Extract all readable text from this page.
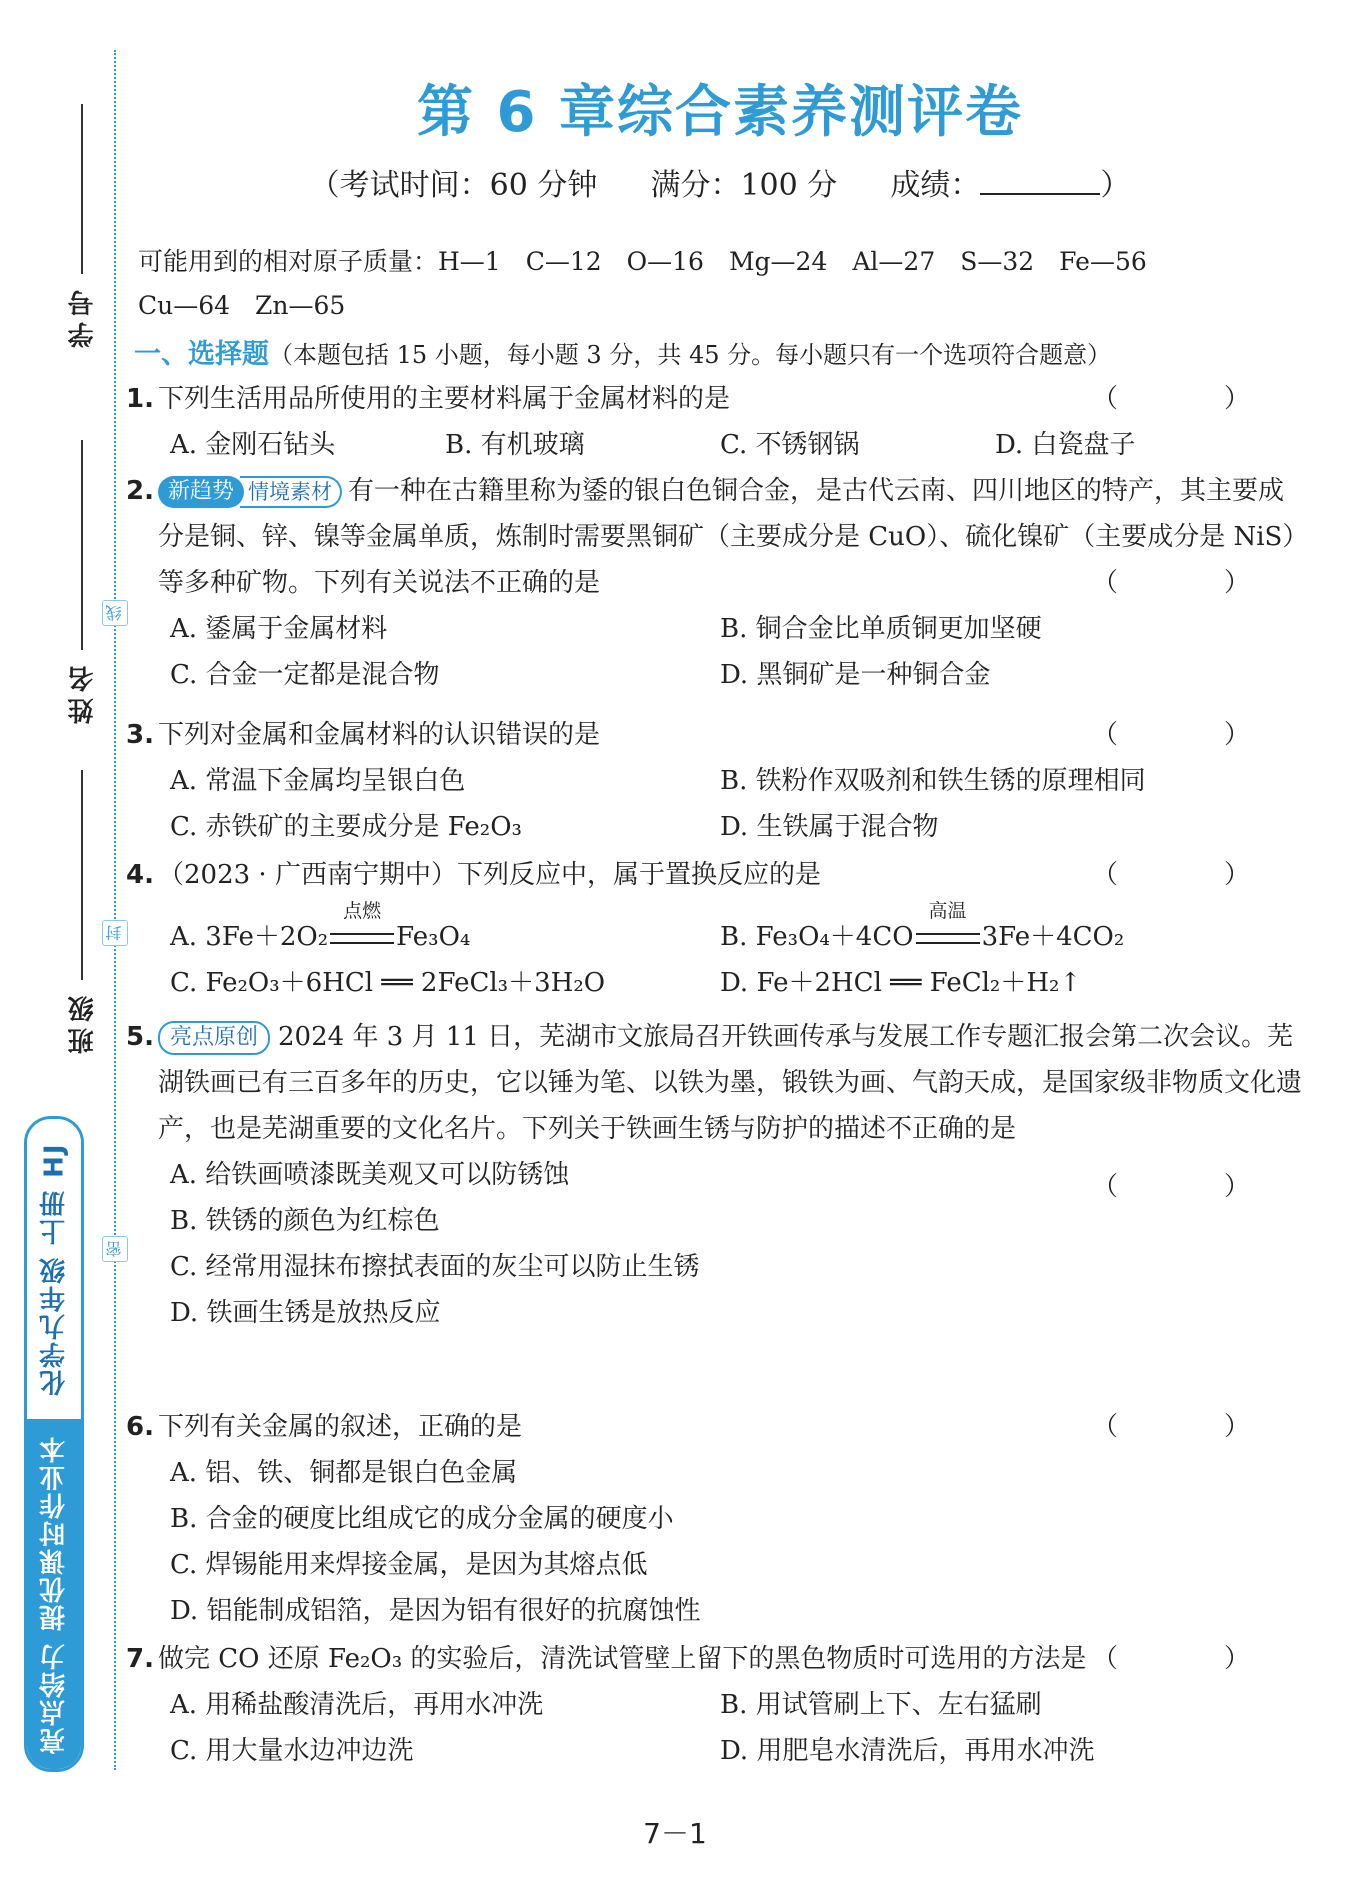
学号
姓名
班级
线
封
密
化学九年级 上册 HJ
亮点给力 提优课时作业本
第 6 章综合素养测评卷
（考试时间：60 分钟 满分：100 分 成绩：	）
可能用到的相对原子质量：H—1　C—12　O—16　Mg—24　Al—27　S—32　Fe—56
Cu—64　Zn—65
一、选择题（本题包括 15 小题，每小题 3 分，共 45 分。每小题只有一个选项符合题意）
1. 下列生活用品所使用的主要材料属于金属材料的是	（　）
A. 金刚石钻头	B. 有机玻璃	C. 不锈钢锅	D. 白瓷盘子
2. 新趋势 情境素材 有一种在古籍里称为鋈的银白色铜合金，是古代云南、四川地区的特产，其主要成分是铜、锌、镍等金属单质，炼制时需要黑铜矿（主要成分是 CuO）、硫化镍矿（主要成分是 NiS）等多种矿物。下列有关说法不正确的是	（　）
A. 鋈属于金属材料	B. 铜合金比单质铜更加坚硬
C. 合金一定都是混合物	D. 黑铜矿是一种铜合金
3. 下列对金属和金属材料的认识错误的是	（　）
A. 常温下金属均呈银白色	B. 铁粉作双吸剂和铁生锈的原理相同
C. 赤铁矿的主要成分是 Fe₂O₃	D. 生铁属于混合物
4. （2023 · 广西南宁期中）下列反应中，属于置换反应的是	（　）
A. 3Fe＋2O₂
点燃
Fe₃O₄	B. Fe₃O₄＋4CO
高温
3Fe＋4CO₂
C. Fe₂O₃＋6HCl ══ 2FeCl₃＋3H₂O	D. Fe＋2HCl ══ FeCl₂＋H₂↑
5. 亮点原创 2024 年 3 月 11 日，芜湖市文旅局召开铁画传承与发展工作专题汇报会第二次会议。芜湖铁画已有三百多年的历史，它以锤为笔、以铁为墨，锻铁为画、气韵天成，是国家级非物质文化遗产，也是芜湖重要的文化名片。下列关于铁画生锈与防护的描述不正确的是
（　）
A. 给铁画喷漆既美观又可以防锈蚀
B. 铁锈的颜色为红棕色
C. 经常用湿抹布擦拭表面的灰尘可以防止生锈
D. 铁画生锈是放热反应
6. 下列有关金属的叙述，正确的是	（　）
A. 铝、铁、铜都是银白色金属
B. 合金的硬度比组成它的成分金属的硬度小
C. 焊锡能用来焊接金属，是因为其熔点低
D. 铝能制成铝箔，是因为铝有很好的抗腐蚀性
7. 做完 CO 还原 Fe₂O₃ 的实验后，清洗试管壁上留下的黑色物质时可选用的方法是 （　）
A. 用稀盐酸清洗后，再用水冲洗	B. 用试管刷上下、左右猛刷
C. 用大量水边冲边洗	D. 用肥皂水清洗后，再用水冲洗
7－1
